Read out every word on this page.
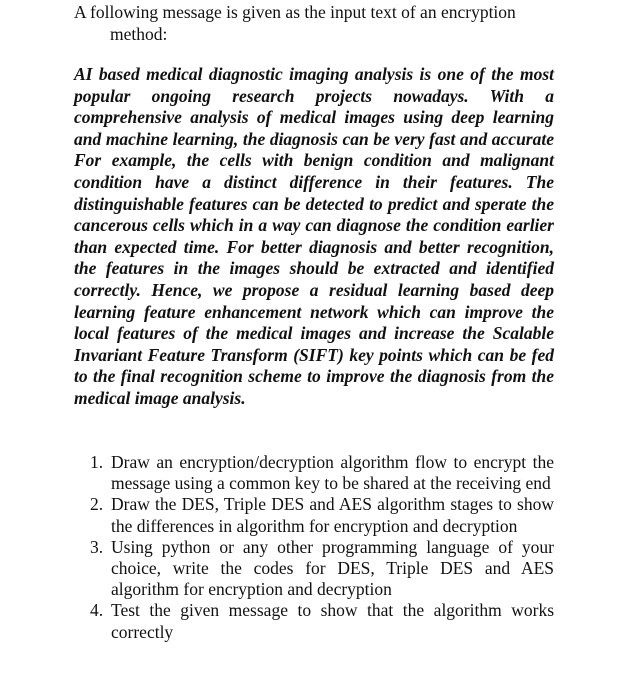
A following message is given as the input text of an encryption
method:

AI based medical diagnostic imaging analysis is one of the most popular ongoing research projects nowadays. With a comprehensive analysis of medical images using deep learning and machine learning, the diagnosis can be very fast and accurate For example, the cells with benign condition and malignant condition have a distinct difference in their features. The distinguishable features can be detected to predict and sperate the cancerous cells which in a way can diagnose the condition earlier than expected time. For better diagnosis and better recognition, the features in the images should be extracted and identified correctly. Hence, we propose a residual learning based deep learning feature enhancement network which can improve the local features of the medical images and increase the Scalable Invariant Feature Transform (SIFT) key points which can be fed to the final recognition scheme to improve the diagnosis from the medical image analysis.

1. Draw an encryption/decryption algorithm flow to encrypt the message using a common key to be shared at the receiving end
2. Draw the DES, Triple DES and AES algorithm stages to show the differences in algorithm for encryption and decryption
3. Using python or any other programming language of your choice, write the codes for DES, Triple DES and AES algorithm for encryption and decryption
4. Test the given message to show that the algorithm works correctly
